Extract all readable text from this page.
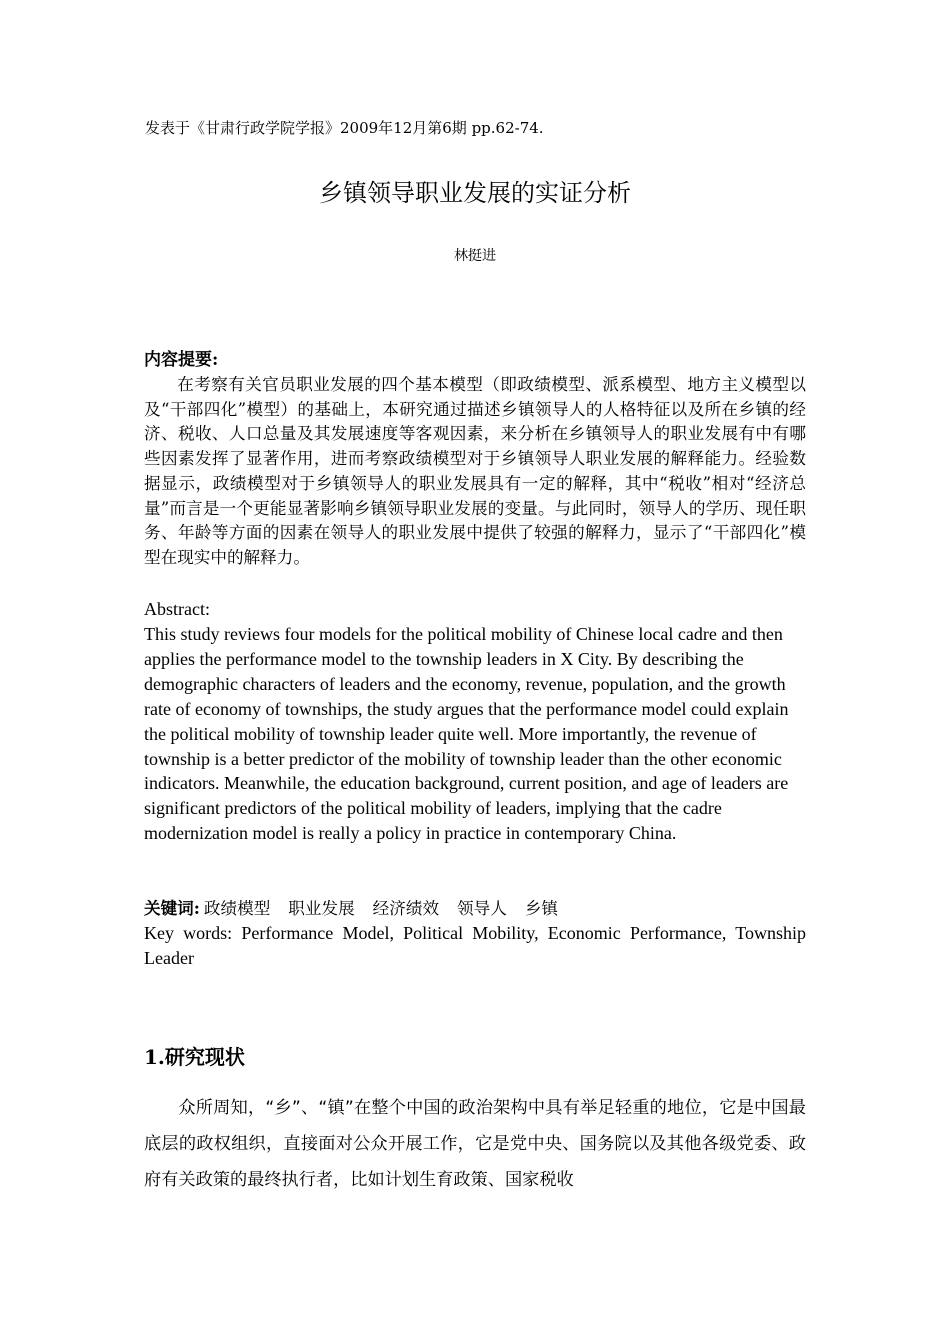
发表于《甘肃行政学院学报》2009年12月第6期 pp.62-74.
乡镇领导职业发展的实证分析
林挺进
内容提要:
在考察有关官员职业发展的四个基本模型（即政绩模型、派系模型、地方主义模型以及“干部四化”模型）的基础上，本研究通过描述乡镇领导人的人格特征以及所在乡镇的经济、税收、人口总量及其发展速度等客观因素，来分析在乡镇领导人的职业发展有中有哪些因素发挥了显著作用，进而考察政绩模型对于乡镇领导人职业发展的解释能力。经验数据显示，政绩模型对于乡镇领导人的职业发展具有一定的解释，其中“税收”相对“经济总量”而言是一个更能显著影响乡镇领导职业发展的变量。与此同时，领导人的学历、现任职务、年龄等方面的因素在领导人的职业发展中提供了较强的解释力，显示了“干部四化”模型在现实中的解释力。
Abstract:
This study reviews four models for the political mobility of Chinese local cadre and then applies the performance model to the township leaders in X City. By describing the demographic characters of leaders and the economy, revenue, population, and the growth rate of economy of townships, the study argues that the performance model could explain the political mobility of township leader quite well. More importantly, the revenue of township is a better predictor of the mobility of township leader than the other economic indicators. Meanwhile, the education background, current position, and age of leaders are significant predictors of the political mobility of leaders, implying that the cadre modernization model is really a policy in practice in contemporary China.
关键词: 政绩模型 职业发展 经济绩效 领导人 乡镇
Key words: Performance Model, Political Mobility, Economic Performance, Township Leader
1.研究现状
众所周知，“乡”、“镇”在整个中国的政治架构中具有举足轻重的地位，它是中国最底层的政权组织，直接面对公众开展工作，它是党中央、国务院以及其他各级党委、政府有关政策的最终执行者，比如计划生育政策、国家税收
